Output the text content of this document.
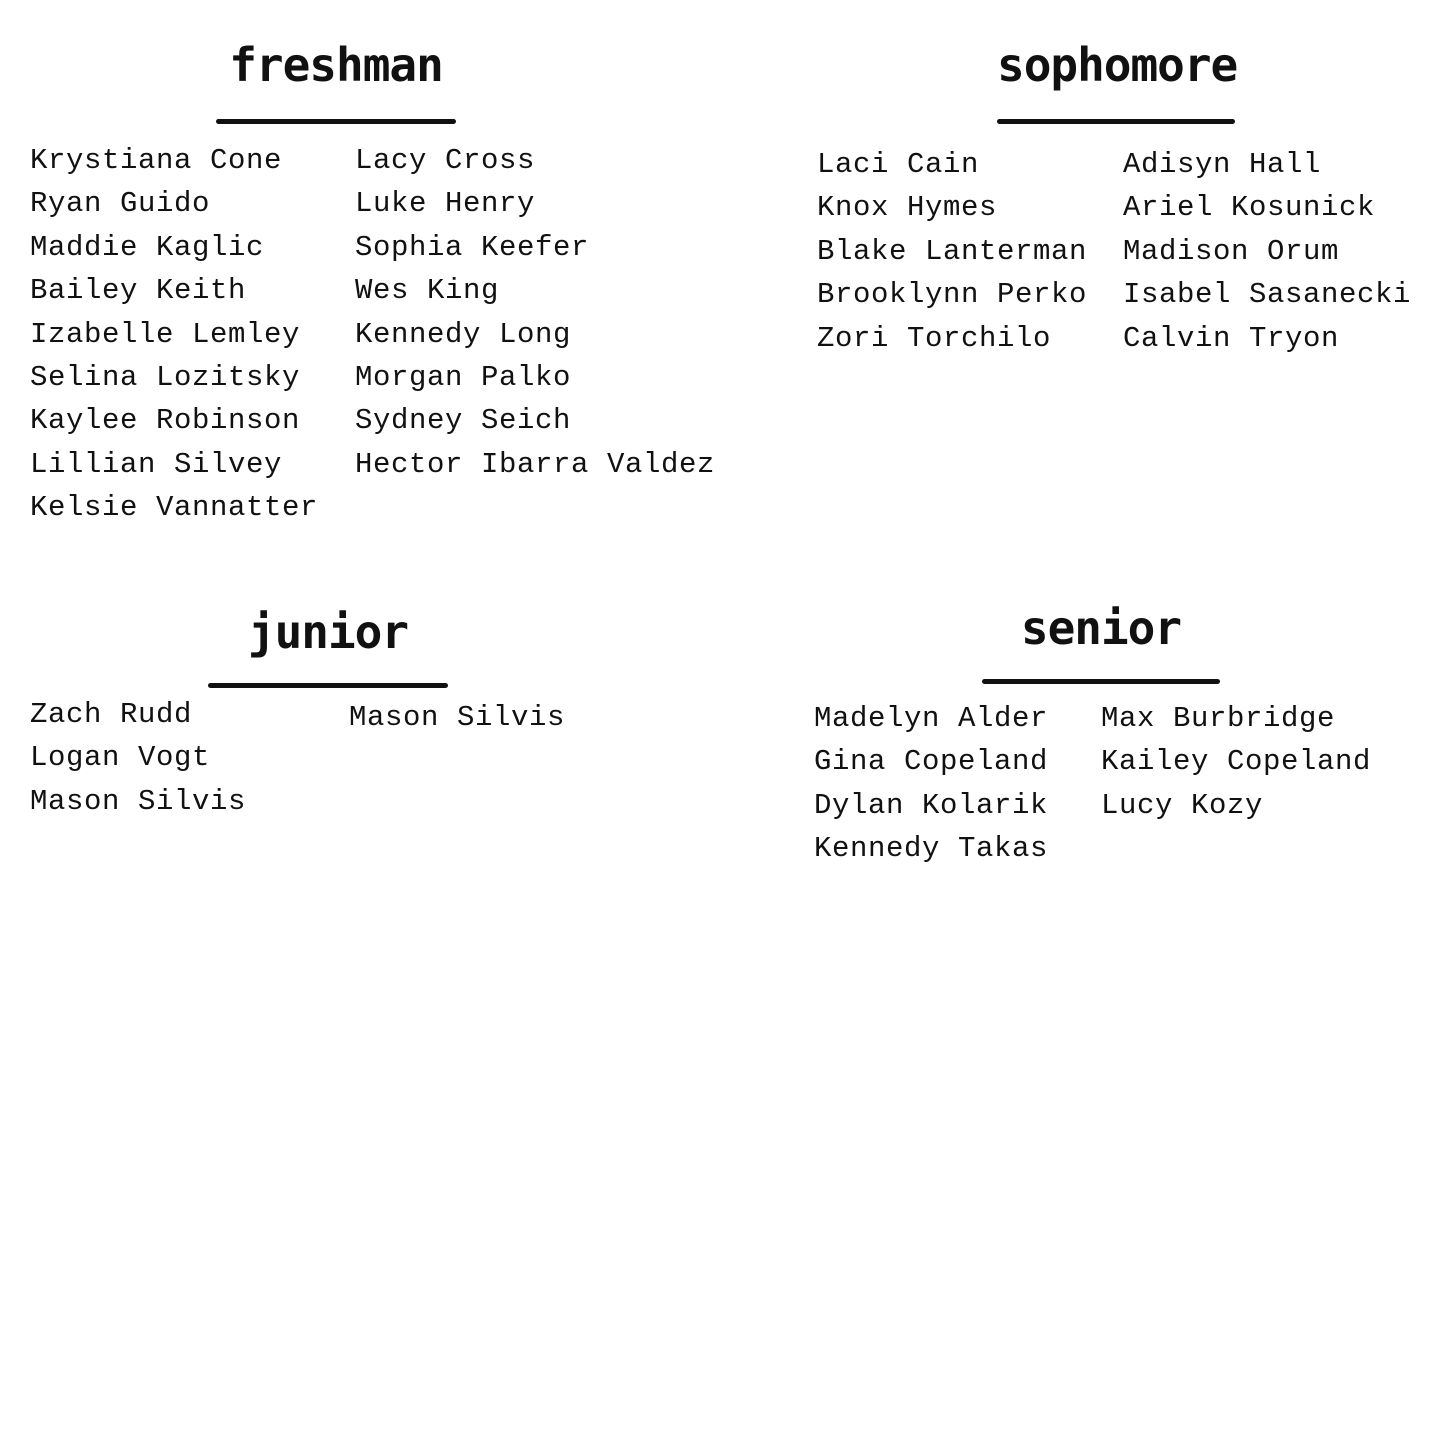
freshman
Krystiana Cone
Ryan Guido
Maddie Kaglic
Bailey Keith
Izabelle Lemley
Selina Lozitsky
Kaylee Robinson
Lillian Silvey
Kelsie Vannatter
Lacy Cross
Luke Henry
Sophia Keefer
Wes King
Kennedy Long
Morgan Palko
Sydney Seich
Hector Ibarra Valdez
sophomore
Laci Cain
Knox Hymes
Blake Lanterman
Brooklynn Perko
Zori Torchilo
Adisyn Hall
Ariel Kosunick
Madison Orum
Isabel Sasanecki
Calvin Tryon
junior
Zach Rudd
Logan Vogt
Mason Silvis
Mason Silvis
senior
Madelyn Alder
Gina Copeland
Dylan Kolarik
Kennedy Takas
Max Burbridge
Kailey Copeland
Lucy Kozy
